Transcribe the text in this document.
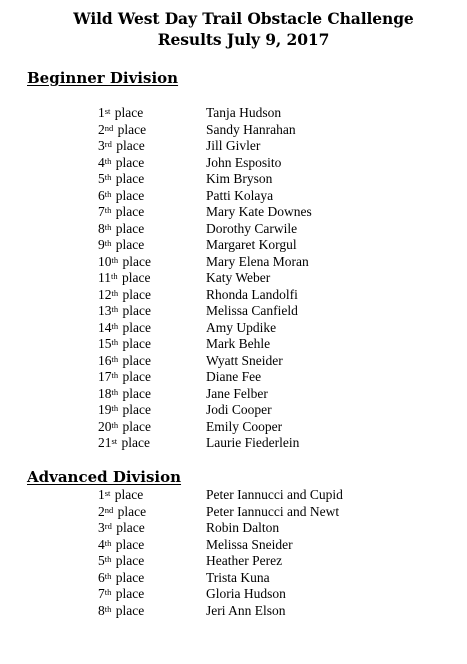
Wild West Day Trail Obstacle Challenge
Results July 9, 2017
Beginner Division
1st place	Tanja Hudson
2nd place	Sandy Hanrahan
3rd place	Jill Givler
4th place	John Esposito
5th place	Kim Bryson
6th place	Patti Kolaya
7th place	Mary Kate Downes
8th place	Dorothy Carwile
9th place	Margaret Korgul
10th place	Mary Elena Moran
11th place	Katy Weber
12th place	Rhonda Landolfi
13th place	Melissa Canfield
14th place	Amy Updike
15th place	Mark Behle
16th place	Wyatt Sneider
17th place	Diane Fee
18th place	Jane Felber
19th place	Jodi Cooper
20th place	Emily Cooper
21st place	Laurie Fiederlein
Advanced Division
1st place	Peter Iannucci and Cupid
2nd place	Peter Iannucci and Newt
3rd place	Robin Dalton
4th place	Melissa Sneider
5th place	Heather Perez
6th place	Trista Kuna
7th place	Gloria Hudson
8th place	Jeri Ann Elson
